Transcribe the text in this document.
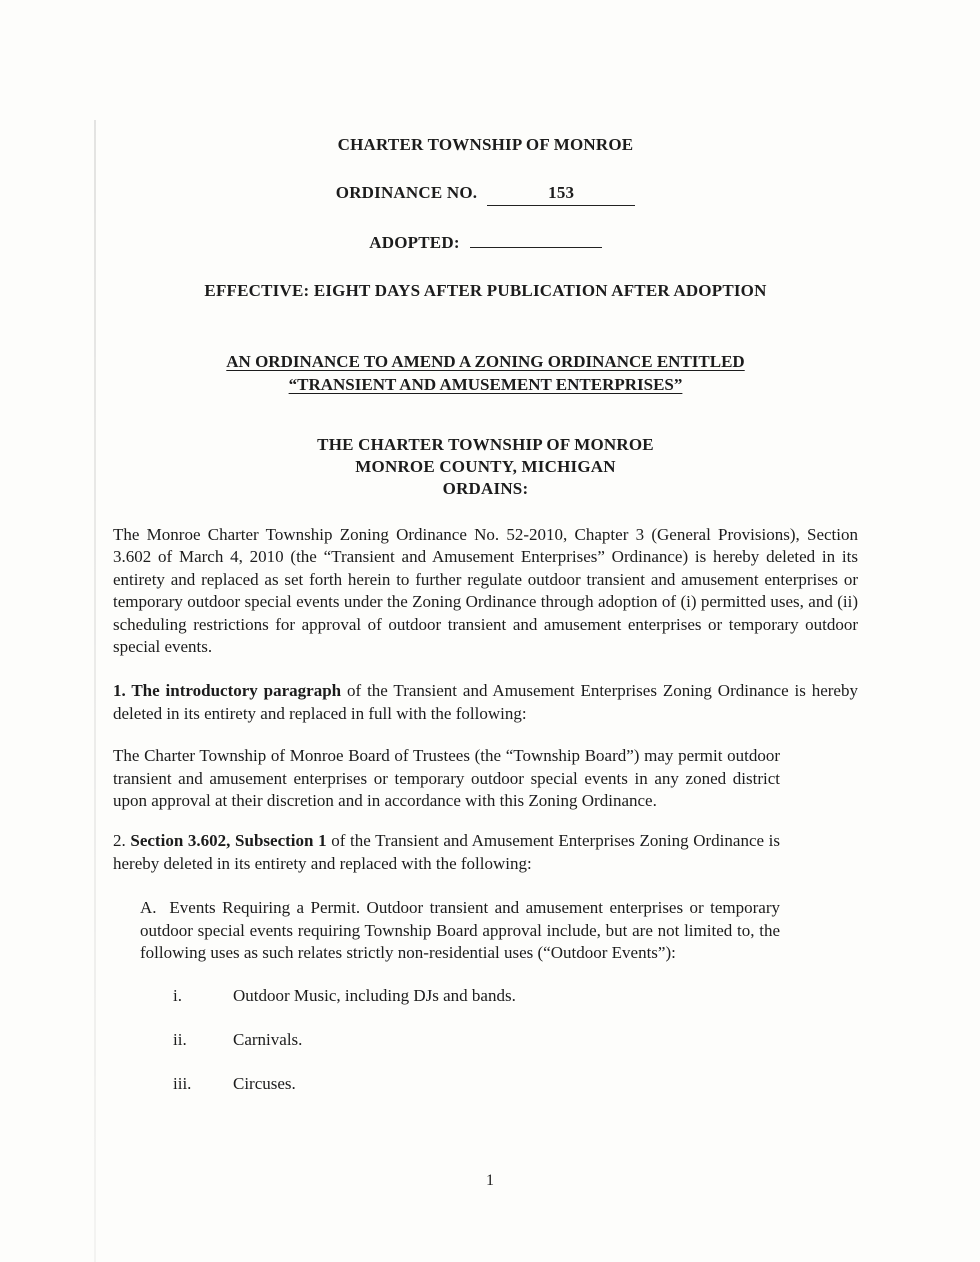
CHARTER TOWNSHIP OF MONROE
ORDINANCE NO.	153
ADOPTED:
EFFECTIVE: EIGHT DAYS AFTER PUBLICATION AFTER ADOPTION
AN ORDINANCE TO AMEND A ZONING ORDINANCE ENTITLED
“TRANSIENT AND AMUSEMENT ENTERPRISES”
THE CHARTER TOWNSHIP OF MONROE
MONROE COUNTY, MICHIGAN
ORDAINS:

The Monroe Charter Township Zoning Ordinance No. 52-2010, Chapter 3 (General Provisions), Section 3.602 of March 4, 2010 (the “Transient and Amusement Enterprises” Ordinance) is hereby deleted in its entirety and replaced as set forth herein to further regulate outdoor transient and amusement enterprises or temporary outdoor special events under the Zoning Ordinance through adoption of (i) permitted uses, and (ii) scheduling restrictions for approval of outdoor transient and amusement enterprises or temporary outdoor special events.

1. The introductory paragraph of the Transient and Amusement Enterprises Zoning Ordinance is hereby deleted in its entirety and replaced in full with the following:

The Charter Township of Monroe Board of Trustees (the “Township Board”) may permit outdoor transient and amusement enterprises or temporary outdoor special events in any zoned district upon approval at their discretion and in accordance with this Zoning Ordinance.

2. Section 3.602, Subsection 1 of the Transient and Amusement Enterprises Zoning Ordinance is hereby deleted in its entirety and replaced with the following:

A. Events Requiring a Permit. Outdoor transient and amusement enterprises or temporary outdoor special events requiring Township Board approval include, but are not limited to, the following uses as such relates strictly non-residential uses (“Outdoor Events”):

i.	Outdoor Music, including DJs and bands.
ii.	Carnivals.
iii.	Circuses.
1
